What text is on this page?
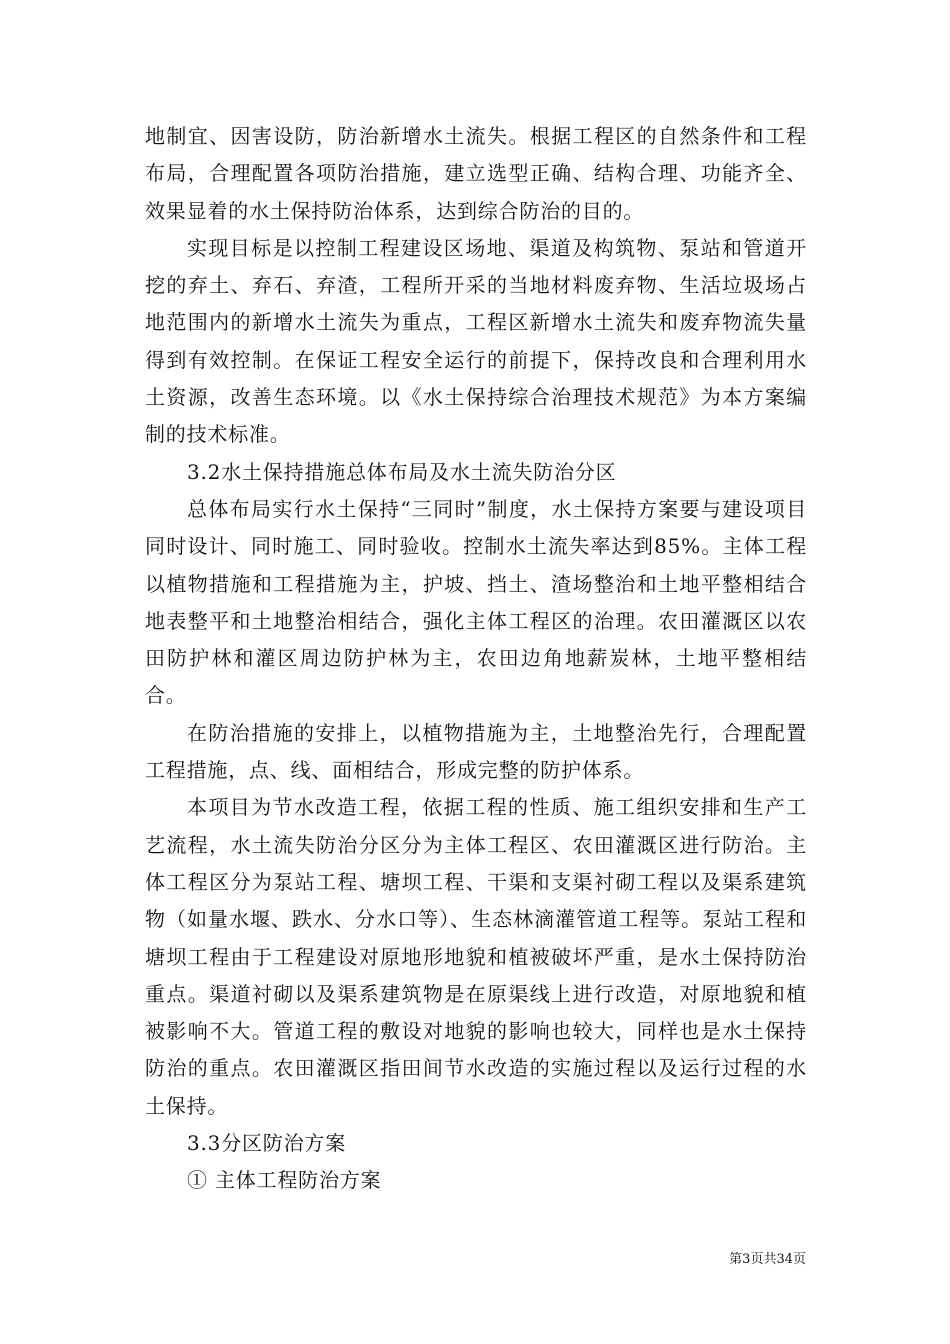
地制宜、因害设防，防治新增水土流失。根据工程区的自然条件和工程布局，合理配置各项防治措施，建立选型正确、结构合理、功能齐全、效果显着的水土保持防治体系，达到综合防治的目的。

实现目标是以控制工程建设区场地、渠道及构筑物、泵站和管道开挖的弃土、弃石、弃渣，工程所开采的当地材料废弃物、生活垃圾场占地范围内的新增水土流失为重点，工程区新增水土流失和废弃物流失量得到有效控制。在保证工程安全运行的前提下，保持改良和合理利用水土资源，改善生态环境。以《水土保持综合治理技术规范》为本方案编制的技术标准。

3.2水土保持措施总体布局及水土流失防治分区

总体布局实行水土保持“三同时”制度，水土保持方案要与建设项目同时设计、同时施工、同时验收。控制水土流失率达到85%。主体工程以植物措施和工程措施为主，护坡、挡土、渣场整治和土地平整相结合地表整平和土地整治相结合，强化主体工程区的治理。农田灌溉区以农田防护林和灌区周边防护林为主，农田边角地薪炭林，土地平整相结合。

在防治措施的安排上，以植物措施为主，土地整治先行，合理配置工程措施，点、线、面相结合，形成完整的防护体系。

本项目为节水改造工程，依据工程的性质、施工组织安排和生产工艺流程，水土流失防治分区分为主体工程区、农田灌溉区进行防治。主体工程区分为泵站工程、塘坝工程、干渠和支渠衬砌工程以及渠系建筑物（如量水堰、跌水、分水口等）、生态林滴灌管道工程等。泵站工程和塘坝工程由于工程建设对原地形地貌和植被破坏严重，是水土保持防治重点。渠道衬砌以及渠系建筑物是在原渠线上进行改造，对原地貌和植被影响不大。管道工程的敷设对地貌的影响也较大，同样也是水土保持防治的重点。农田灌溉区指田间节水改造的实施过程以及运行过程的水土保持。

3.3分区防治方案

① 主体工程防治方案

第3页共34页
